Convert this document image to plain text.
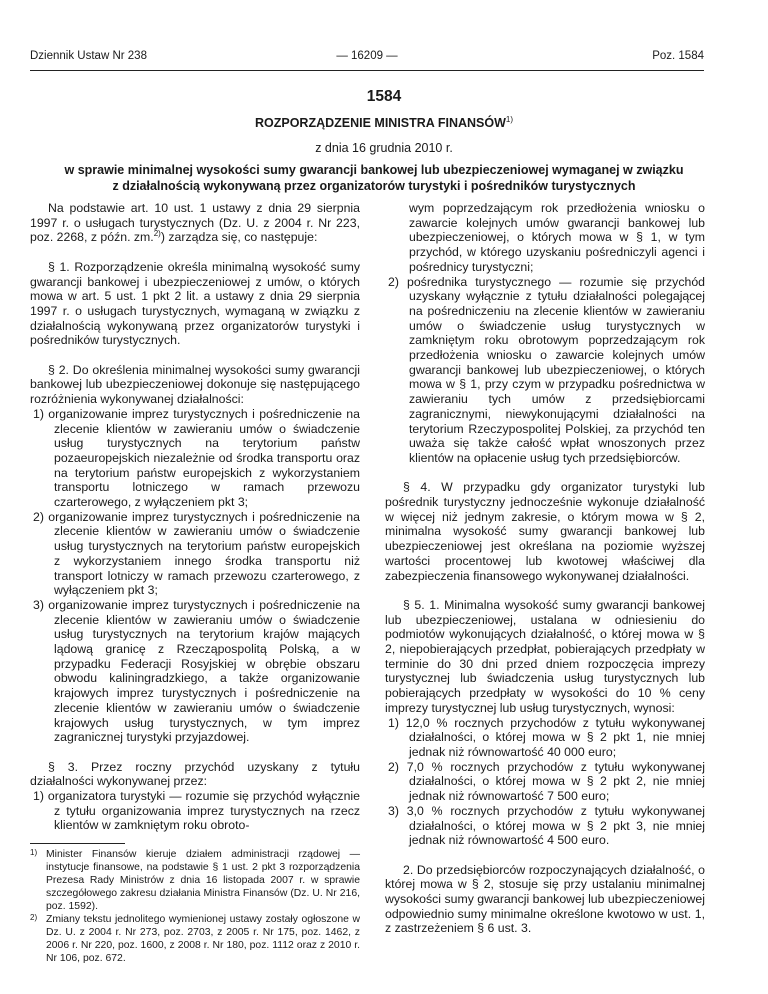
Dziennik Ustaw Nr 238	— 16209 —	Poz. 1584
1584
ROZPORZĄDZENIE MINISTRA FINANSÓW$^{1)}$
z dnia 16 grudnia 2010 r.
w sprawie minimalnej wysokości sumy gwarancji bankowej lub ubezpieczeniowej wymaganej w związku z działalnością wykonywaną przez organizatorów turystyki i pośredników turystycznych

Na podstawie art. 10 ust. 1 ustawy z dnia 29 sierpnia 1997 r. o usługach turystycznych (Dz. U. z 2004 r. Nr 223, poz. 2268, z późn. zm.$^{2)}$) zarządza się, co następuje:

§ 1. Rozporządzenie określa minimalną wysokość sumy gwarancji bankowej i ubezpieczeniowej z umów, o których mowa w art. 5 ust. 1 pkt 2 lit. a ustawy z dnia 29 sierpnia 1997 r. o usługach turystycznych, wymaganą w związku z działalnością wykonywaną przez organizatorów turystyki i pośredników turystycznych.

§ 2. Do określenia minimalnej wysokości sumy gwarancji bankowej lub ubezpieczeniowej dokonuje się następującego rozróżnienia wykonywanej działalności:

1) organizowanie imprez turystycznych i pośredniczenie na zlecenie klientów w zawieraniu umów o świadczenie usług turystycznych na terytorium państw pozaeuropejskich niezależnie od środka transportu oraz na terytorium państw europejskich z wykorzystaniem transportu lotniczego w ramach przewozu czarterowego, z wyłączeniem pkt 3;

2) organizowanie imprez turystycznych i pośredniczenie na zlecenie klientów w zawieraniu umów o świadczenie usług turystycznych na terytorium państw europejskich z wykorzystaniem innego środka transportu niż transport lotniczy w ramach przewozu czarterowego, z wyłączeniem pkt 3;

3) organizowanie imprez turystycznych i pośredniczenie na zlecenie klientów w zawieraniu umów o świadczenie usług turystycznych na terytorium krajów mających lądową granicę z Rzecząpospolitą Polską, a w przypadku Federacji Rosyjskiej w obrębie obszaru obwodu kaliningradzkiego, a także organizowanie krajowych imprez turystycznych i pośredniczenie na zlecenie klientów w zawieraniu umów o świadczenie krajowych usług turystycznych, w tym imprez zagranicznej turystyki przyjazdowej.

§ 3. Przez roczny przychód uzyskany z tytułu działalności wykonywanej przez:

1) organizatora turystyki — rozumie się przychód wyłącznie z tytułu organizowania imprez turystycznych na rzecz klientów w zamkniętym roku obroto-

1) Minister Finansów kieruje działem administracji rządowej — instytucje finansowe, na podstawie § 1 ust. 2 pkt 3 rozporządzenia Prezesa Rady Ministrów z dnia 16 listopada 2007 r. w sprawie szczegółowego zakresu działania Ministra Finansów (Dz. U. Nr 216, poz. 1592).

2) Zmiany tekstu jednolitego wymienionej ustawy zostały ogłoszone w Dz. U. z 2004 r. Nr 273, poz. 2703, z 2005 r. Nr 175, poz. 1462, z 2006 r. Nr 220, poz. 1600, z 2008 r. Nr 180, poz. 1112 oraz z 2010 r. Nr 106, poz. 672.

wym poprzedzającym rok przedłożenia wniosku o zawarcie kolejnych umów gwarancji bankowej lub ubezpieczeniowej, o których mowa w § 1, w tym przychód, w którego uzyskaniu pośredniczyli agenci i pośrednicy turystyczni;

2) pośrednika turystycznego — rozumie się przychód uzyskany wyłącznie z tytułu działalności polegającej na pośredniczeniu na zlecenie klientów w zawieraniu umów o świadczenie usług turystycznych w zamkniętym roku obrotowym poprzedzającym rok przedłożenia wniosku o zawarcie kolejnych umów gwarancji bankowej lub ubezpieczeniowej, o których mowa w § 1, przy czym w przypadku pośrednictwa w zawieraniu tych umów z przedsiębiorcami zagranicznymi, niewykonującymi działalności na terytorium Rzeczypospolitej Polskiej, za przychód ten uważa się także całość wpłat wnoszonych przez klientów na opłacenie usług tych przedsiębiorców.

§ 4. W przypadku gdy organizator turystyki lub pośrednik turystyczny jednocześnie wykonuje działalność w więcej niż jednym zakresie, o którym mowa w § 2, minimalna wysokość sumy gwarancji bankowej lub ubezpieczeniowej jest określana na poziomie wyższej wartości procentowej lub kwotowej właściwej dla zabezpieczenia finansowego wykonywanej działalności.

§ 5. 1. Minimalna wysokość sumy gwarancji bankowej lub ubezpieczeniowej, ustalana w odniesieniu do podmiotów wykonujących działalność, o której mowa w § 2, niepobierających przedpłat, pobierających przedpłaty w terminie do 30 dni przed dniem rozpoczęcia imprezy turystycznej lub świadczenia usług turystycznych lub pobierających przedpłaty w wysokości do 10 % ceny imprezy turystycznej lub usług turystycznych, wynosi:

1) 12,0 % rocznych przychodów z tytułu wykonywanej działalności, o której mowa w § 2 pkt 1, nie mniej jednak niż równowartość 40 000 euro;

2) 7,0 % rocznych przychodów z tytułu wykonywanej działalności, o której mowa w § 2 pkt 2, nie mniej jednak niż równowartość 7 500 euro;

3) 3,0 % rocznych przychodów z tytułu wykonywanej działalności, o której mowa w § 2 pkt 3, nie mniej jednak niż równowartość 4 500 euro.

2. Do przedsiębiorców rozpoczynających działalność, o której mowa w § 2, stosuje się przy ustalaniu minimalnej wysokości sumy gwarancji bankowej lub ubezpieczeniowej odpowiednio sumy minimalne określone kwotowo w ust. 1, z zastrzeżeniem § 6 ust. 3.
